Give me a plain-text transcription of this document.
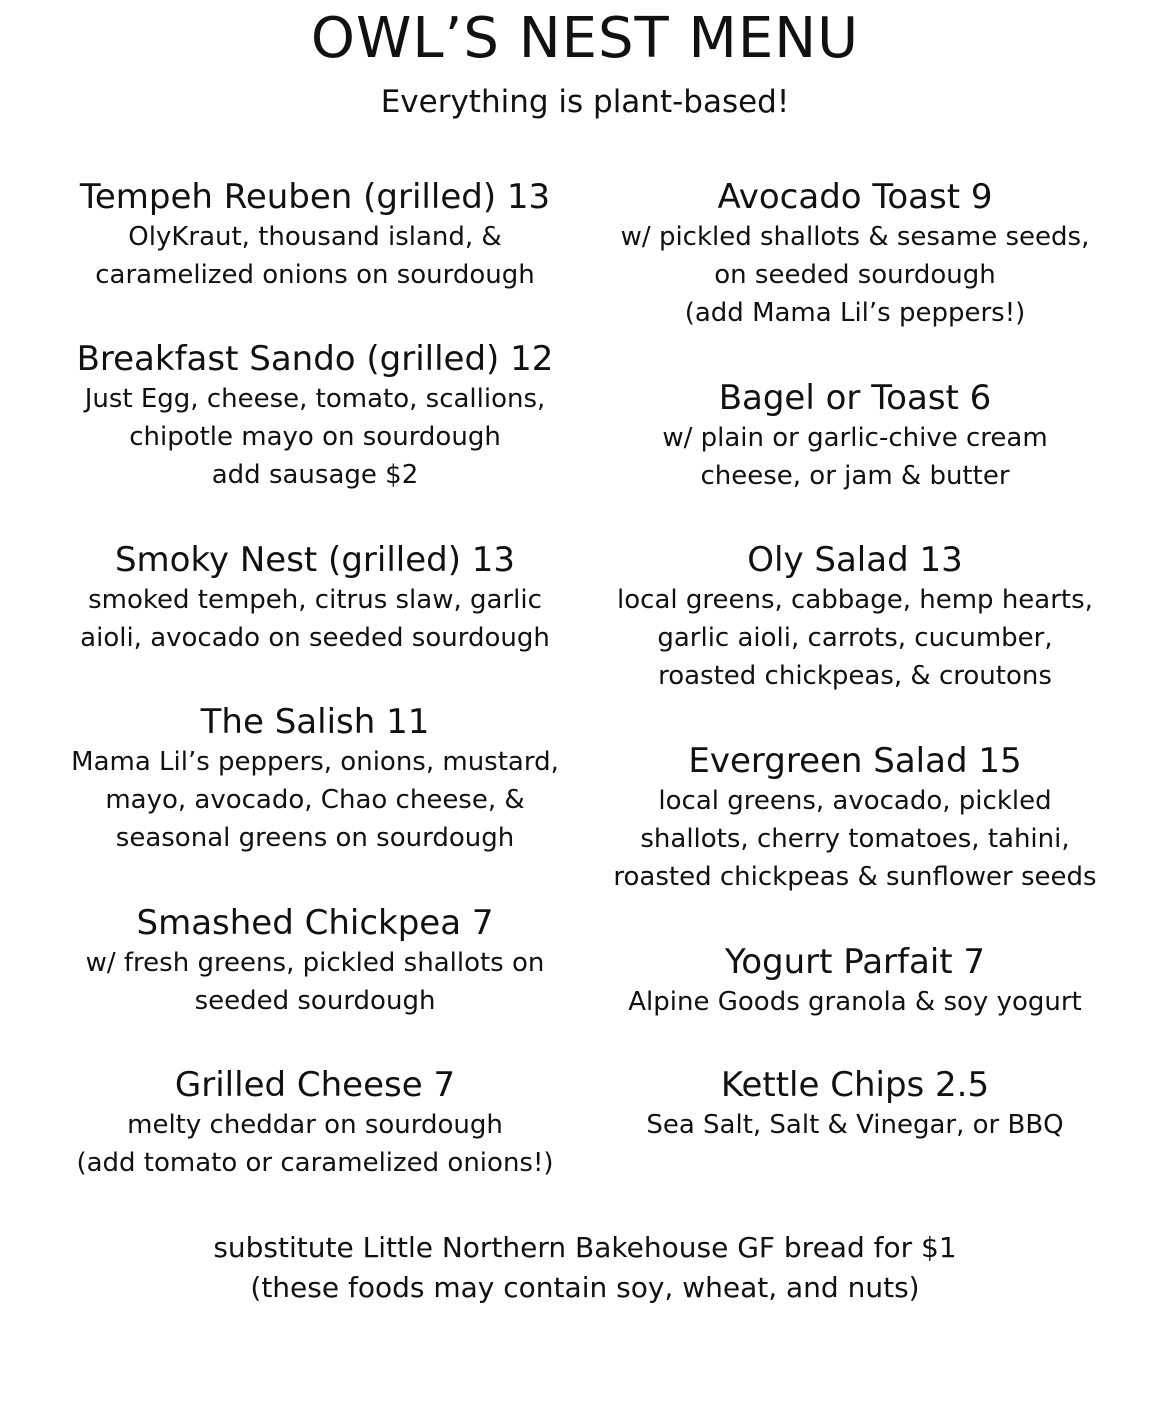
OWL’S NEST MENU
Everything is plant-based!
Tempeh Reuben (grilled) 13
OlyKraut, thousand island, &
caramelized onions on sourdough
Breakfast Sando (grilled) 12
Just Egg, cheese, tomato, scallions,
chipotle mayo on sourdough
add sausage $2
Smoky Nest (grilled) 13
smoked tempeh, citrus slaw, garlic
aioli, avocado on seeded sourdough
The Salish 11
Mama Lil’s peppers, onions, mustard,
mayo, avocado, Chao cheese, &
seasonal greens on sourdough
Smashed Chickpea 7
w/ fresh greens, pickled shallots on
seeded sourdough
Grilled Cheese 7
melty cheddar on sourdough
(add tomato or caramelized onions!)
Avocado Toast 9
w/ pickled shallots & sesame seeds,
on seeded sourdough
(add Mama Lil’s peppers!)
Bagel or Toast 6
w/ plain or garlic-chive cream
cheese, or jam & butter
Oly Salad 13
local greens, cabbage, hemp hearts,
garlic aioli, carrots, cucumber,
roasted chickpeas, & croutons
Evergreen Salad 15
local greens, avocado, pickled
shallots, cherry tomatoes, tahini,
roasted chickpeas & sunflower seeds
Yogurt Parfait 7
Alpine Goods granola & soy yogurt
Kettle Chips 2.5
Sea Salt, Salt & Vinegar, or BBQ
substitute Little Northern Bakehouse GF bread for $1
(these foods may contain soy, wheat, and nuts)
